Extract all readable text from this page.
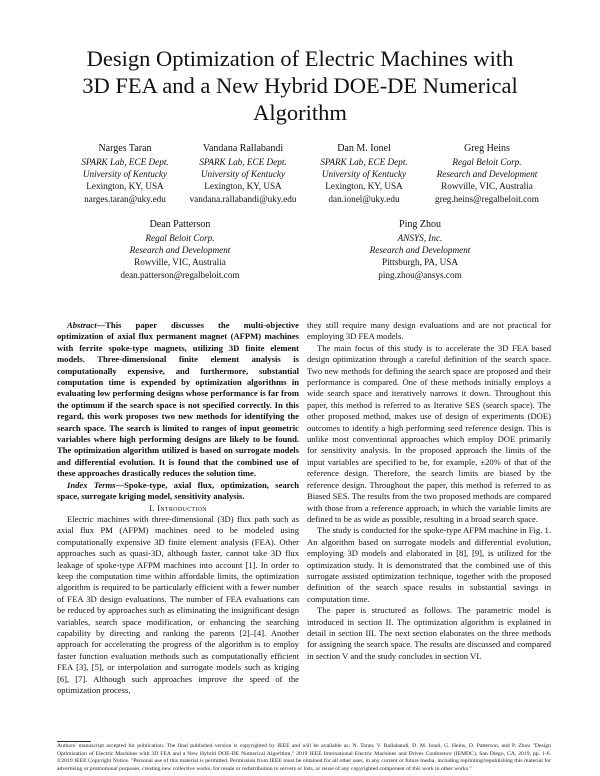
Design Optimization of Electric Machines with
3D FEA and a New Hybrid DOE-DE Numerical
Algorithm
Narges Taran
SPARK Lab, ECE Dept.
University of Kentucky
Lexington, KY, USA
narges.taran@uky.edu
Vandana Rallabandi
SPARK Lab, ECE Dept.
University of Kentucky
Lexington, KY, USA
vandana.rallabandi@uky.edu
Dan M. Ionel
SPARK Lab, ECE Dept.
University of Kentucky
Lexington, KY, USA
dan.ionel@uky.edu
Greg Heins
Regal Beloit Corp.
Research and Development
Rowville, VIC, Australia
greg.heins@regalbeloit.com
Dean Patterson
Regal Beloit Corp.
Research and Development
Rowville, VIC, Australia
dean.patterson@regalbeloit.com
Ping Zhou
ANSYS, Inc.
Research and Development
Pittsburgh, PA, USA
ping.zhou@ansys.com

Abstract—This paper discusses the multi-objective optimization of axial flux permanent magnet (AFPM) machines with ferrite spoke-type magnets, utilizing 3D finite element models. Three-dimensional finite element analysis is computationally expensive, and furthermore, substantial computation time is expended by optimization algorithms in evaluating low performing designs whose performance is far from the optimum if the search space is not specified correctly. In this regard, this work proposes two new methods for identifying the search space. The search is limited to ranges of input geometric variables where high performing designs are likely to be found. The optimization algorithm utilized is based on surrogate models and differential evolution. It is found that the combined use of these approaches drastically reduces the solution time.

Index Terms—Spoke-type, axial flux, optimization, search space, surrogate kriging model, sensitivity analysis.

I. Introduction

Electric machines with three-dimensional (3D) flux path such as axial flux PM (AFPM) machines need to be modeled using computationally expensive 3D finite element analysis (FEA). Other approaches such as quasi-3D, although faster, cannot take 3D flux leakage of spoke-type AFPM machines into account [1]. In order to keep the computation time within affordable limits, the optimization algorithm is required to be particularly efficient with a fewer number of FEA 3D design evaluations. The number of FEA evaluations can be reduced by approaches such as eliminating the insignificant design variables, search space modification, or enhancing the searching capability by directing and ranking the parents [2]–[4]. Another approach for accelerating the progress of the algorithm is to employ faster function evaluation methods such as computationally efficient FEA [3], [5], or interpolation and surrogate models such as kriging [6], [7]. Although such approaches improve the speed of the optimization process,

they still require many design evaluations and are not practical for employing 3D FEA models.

The main focus of this study is to accelerate the 3D FEA based design optimization through a careful definition of the search space. Two new methods for defining the search space are proposed and their performance is compared. One of these methods initially employs a wide search space and iteratively narrows it down. Throughout this paper, this method is referred to as Iterative SES (search space). The other proposed method, makes use of design of experiments (DOE) outcomes to identify a high performing seed reference design. This is unlike most conventional approaches which employ DOE primarily for sensitivity analysis. In the proposed approach the limits of the input variables are specified to be, for example, ±20% of that of the reference design. Therefore, the search limits are biased by the reference design. Throughout the paper, this method is referred to as Biased SES. The results from the two proposed methods are compared with those from a reference approach, in which the variable limits are defined to be as wide as possible, resulting in a broad search space.

The study is conducted for the spoke-type AFPM machine in Fig. 1. An algorithm based on surrogate models and differential evolution, employing 3D models and elaborated in [8], [9], is utilized for the optimization study. It is demonstrated that the combined use of this surrogate assisted optimization technique, together with the proposed definition of the search space results in substantial savings in computation time.

The paper is structured as follows. The parametric model is introduced in section II. The optimization algorithm is explained in detail in section III. The next section elaborates on the three methods for assigning the search space. The results are discussed and compared in section V and the study concludes in section VI.

Authors' manuscript accepted for publication. The final published version is copyrighted by IEEE and will be available as: N. Taran, V. Rallabandi, D. M. Ionel, G. Heins, D. Patterson, and P. Zhou "Design Optimization of Electric Machines with 3D FEA and a New Hybrid DOE-DE Numerical Algorithm," 2019 IEEE International Electric Machines and Drives Conference (IEMDC), San Diego, CA, 2019, pp. 1-6. ©2019 IEEE Copyright Notice. "Personal use of this material is permitted. Permission from IEEE must be obtained for all other uses, in any current or future media, including reprinting/republishing this material for advertising or promotional purposes, creating new collective works, for resale or redistribution to servers or lists, or reuse of any copyrighted component of this work in other works."
